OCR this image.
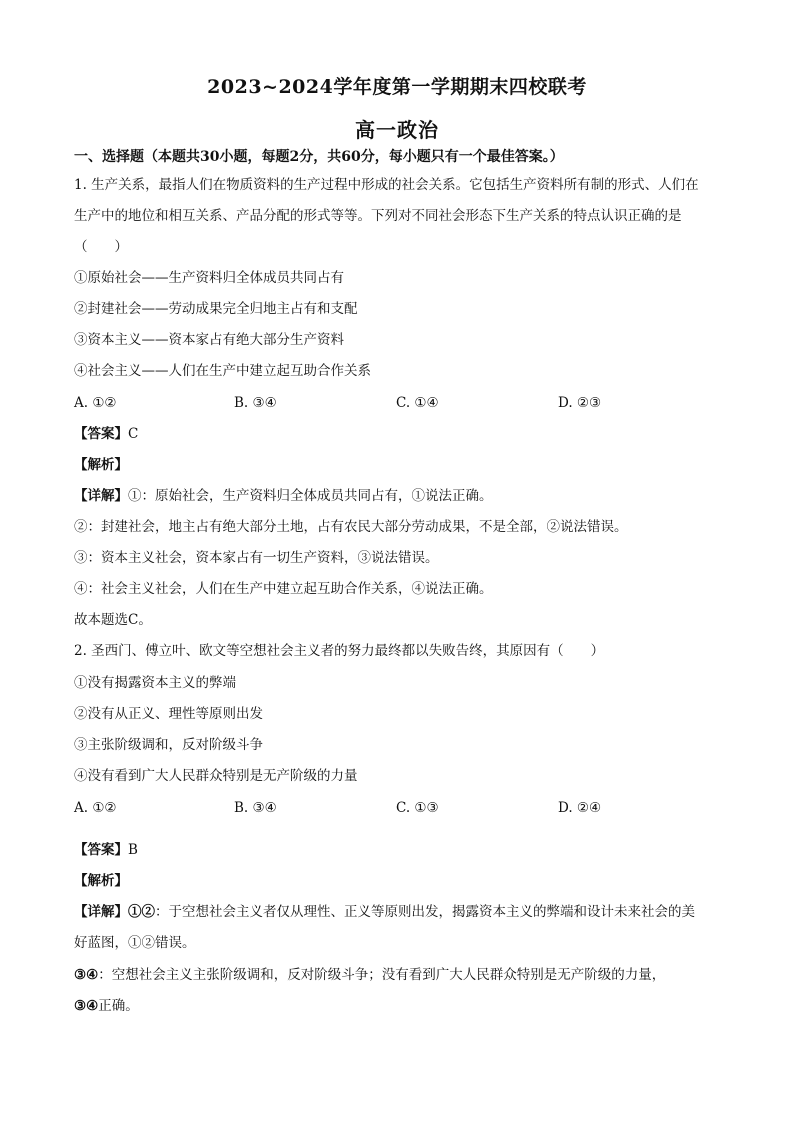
2023~2024学年度第一学期期末四校联考
高一政治
一、选择题（本题共30小题，每题2分，共60分，每小题只有一个最佳答案。）
1. 生产关系，最指人们在物质资料的生产过程中形成的社会关系。它包括生产资料所有制的形式、人们在
生产中的地位和相互关系、产品分配的形式等等。下列对不同社会形态下生产关系的特点认识正确的是
（　　）
①原始社会——生产资料归全体成员共同占有
②封建社会——劳动成果完全归地主占有和支配
③资本主义——资本家占有绝大部分生产资料
④社会主义——人们在生产中建立起互助合作关系
A. ①②	B. ③④	C. ①④	D. ②③
【答案】C
【解析】
【详解】①：原始社会，生产资料归全体成员共同占有，①说法正确。
②：封建社会，地主占有绝大部分土地，占有农民大部分劳动成果，不是全部，②说法错误。
③：资本主义社会，资本家占有一切生产资料，③说法错误。
④：社会主义社会，人们在生产中建立起互助合作关系，④说法正确。
故本题选C。
2. 圣西门、傅立叶、欧文等空想社会主义者的努力最终都以失败告终，其原因有（　　）
①没有揭露资本主义的弊端
②没有从正义、理性等原则出发
③主张阶级调和，反对阶级斗争
④没有看到广大人民群众特别是无产阶级的力量
A. ①②	B. ③④	C. ①③	D. ②④
【答案】B
【解析】
【详解】①②：于空想社会主义者仅从理性、正义等原则出发，揭露资本主义的弊端和设计未来社会的美
好蓝图，①②错误。
③④：空想社会主义主张阶级调和，反对阶级斗争；没有看到广大人民群众特别是无产阶级的力量，
③④正确。
